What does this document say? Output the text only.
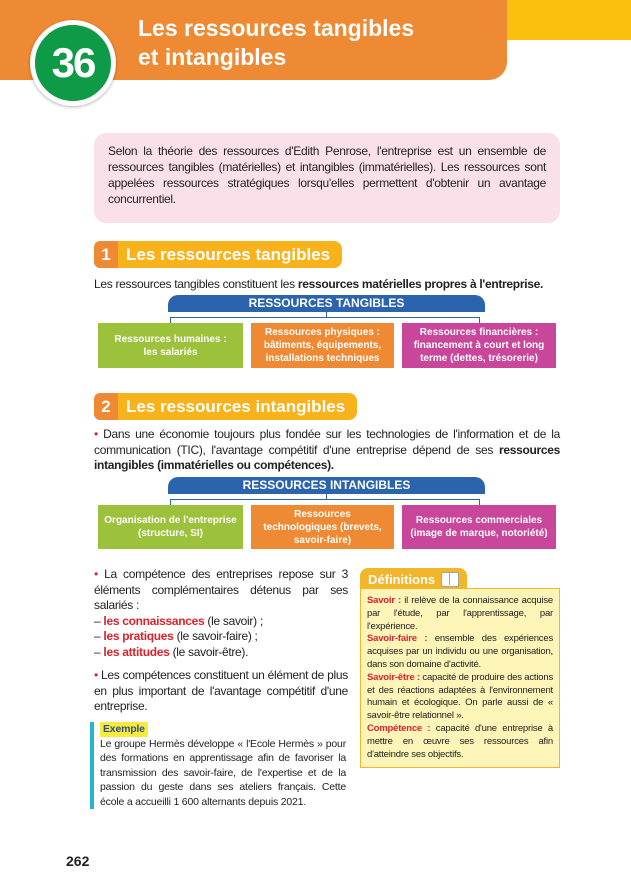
36
Les ressources tangibles
et intangibles
Selon la théorie des ressources d'Edith Penrose, l'entreprise est un ensemble de ressources tangibles (matérielles) et intangibles (immatérielles). Les ressources sont appelées ressources stratégiques lorsqu'elles permettent d'obtenir un avantage concurrentiel.
1 Les ressources tangibles
Les ressources tangibles constituent les ressources matérielles propres à l'entreprise.
RESSOURCES TANGIBLES
Ressources humaines : les salariés
Ressources physiques : bâtiments, équipements, installations techniques
Ressources financières : financement à court et long terme (dettes, trésorerie)
2 Les ressources intangibles
• Dans une économie toujours plus fondée sur les technologies de l'information et de la communication (TIC), l'avantage compétitif d'une entreprise dépend de ses ressources intangibles (immatérielles ou compétences).
RESSOURCES INTANGIBLES
Organisation de l'entreprise (structure, SI)
Ressources technologiques (brevets, savoir-faire)
Ressources commerciales (image de marque, notoriété)
• La compétence des entreprises repose sur 3 éléments complémentaires détenus par ses salariés :
– les connaissances (le savoir) ;
– les pratiques (le savoir-faire) ;
– les attitudes (le savoir-être).
• Les compétences constituent un élément de plus en plus important de l'avantage compétitif d'une entreprise.
Exemple
Le groupe Hermès développe « l'Ecole Hermès » pour des formations en apprentissage afin de favoriser la transmission des savoir-faire, de l'expertise et de la passion du geste dans ses ateliers français. Cette école a accueilli 1 600 alternants depuis 2021.
Définitions
Savoir : il relève de la connaissance acquise par l'étude, par l'apprentissage, par l'expérience.
Savoir-faire : ensemble des expériences acquises par un individu ou une organisation, dans son domaine d'activité.
Savoir-être : capacité de produire des actions et des réactions adaptées à l'environnement humain et écologique. On parle aussi de « savoir-être relationnel ».
Compétence : capacité d'une entreprise à mettre en œuvre ses ressources afin d'atteindre ses objectifs.
262
